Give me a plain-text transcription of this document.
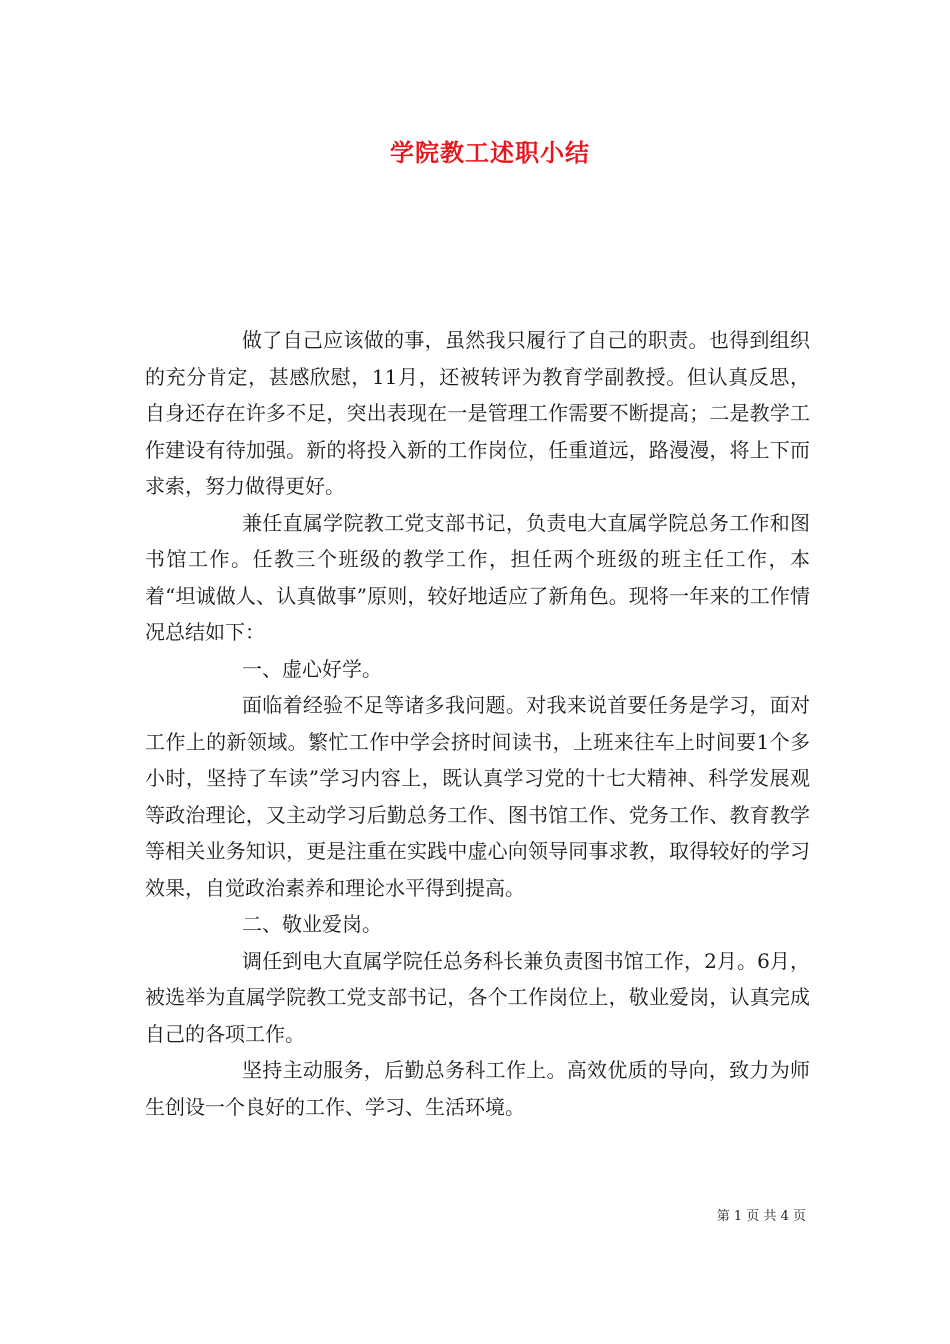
学院教工述职小结

做了自己应该做的事，虽然我只履行了自己的职责。也得到组织的充分肯定，甚感欣慰，11月，还被转评为教育学副教授。但认真反思，自身还存在许多不足，突出表现在一是管理工作需要不断提高；二是教学工作建设有待加强。新的将投入新的工作岗位，任重道远，路漫漫，将上下而求索，努力做得更好。

兼任直属学院教工党支部书记，负责电大直属学院总务工作和图书馆工作。任教三个班级的教学工作，担任两个班级的班主任工作，本着“坦诚做人、认真做事”原则，较好地适应了新角色。现将一年来的工作情况总结如下：

一、虚心好学。

面临着经验不足等诸多我问题。对我来说首要任务是学习，面对工作上的新领域。繁忙工作中学会挤时间读书，上班来往车上时间要1个多小时，坚持了车读”学习内容上，既认真学习党的十七大精神、科学发展观等政治理论，又主动学习后勤总务工作、图书馆工作、党务工作、教育教学等相关业务知识，更是注重在实践中虚心向领导同事求教，取得较好的学习效果，自觉政治素养和理论水平得到提高。

二、敬业爱岗。

调任到电大直属学院任总务科长兼负责图书馆工作，2月。6月，被选举为直属学院教工党支部书记，各个工作岗位上，敬业爱岗，认真完成自己的各项工作。

坚持主动服务，后勤总务科工作上。高效优质的导向，致力为师生创设一个良好的工作、学习、生活环境。

第 1 页 共 4 页
